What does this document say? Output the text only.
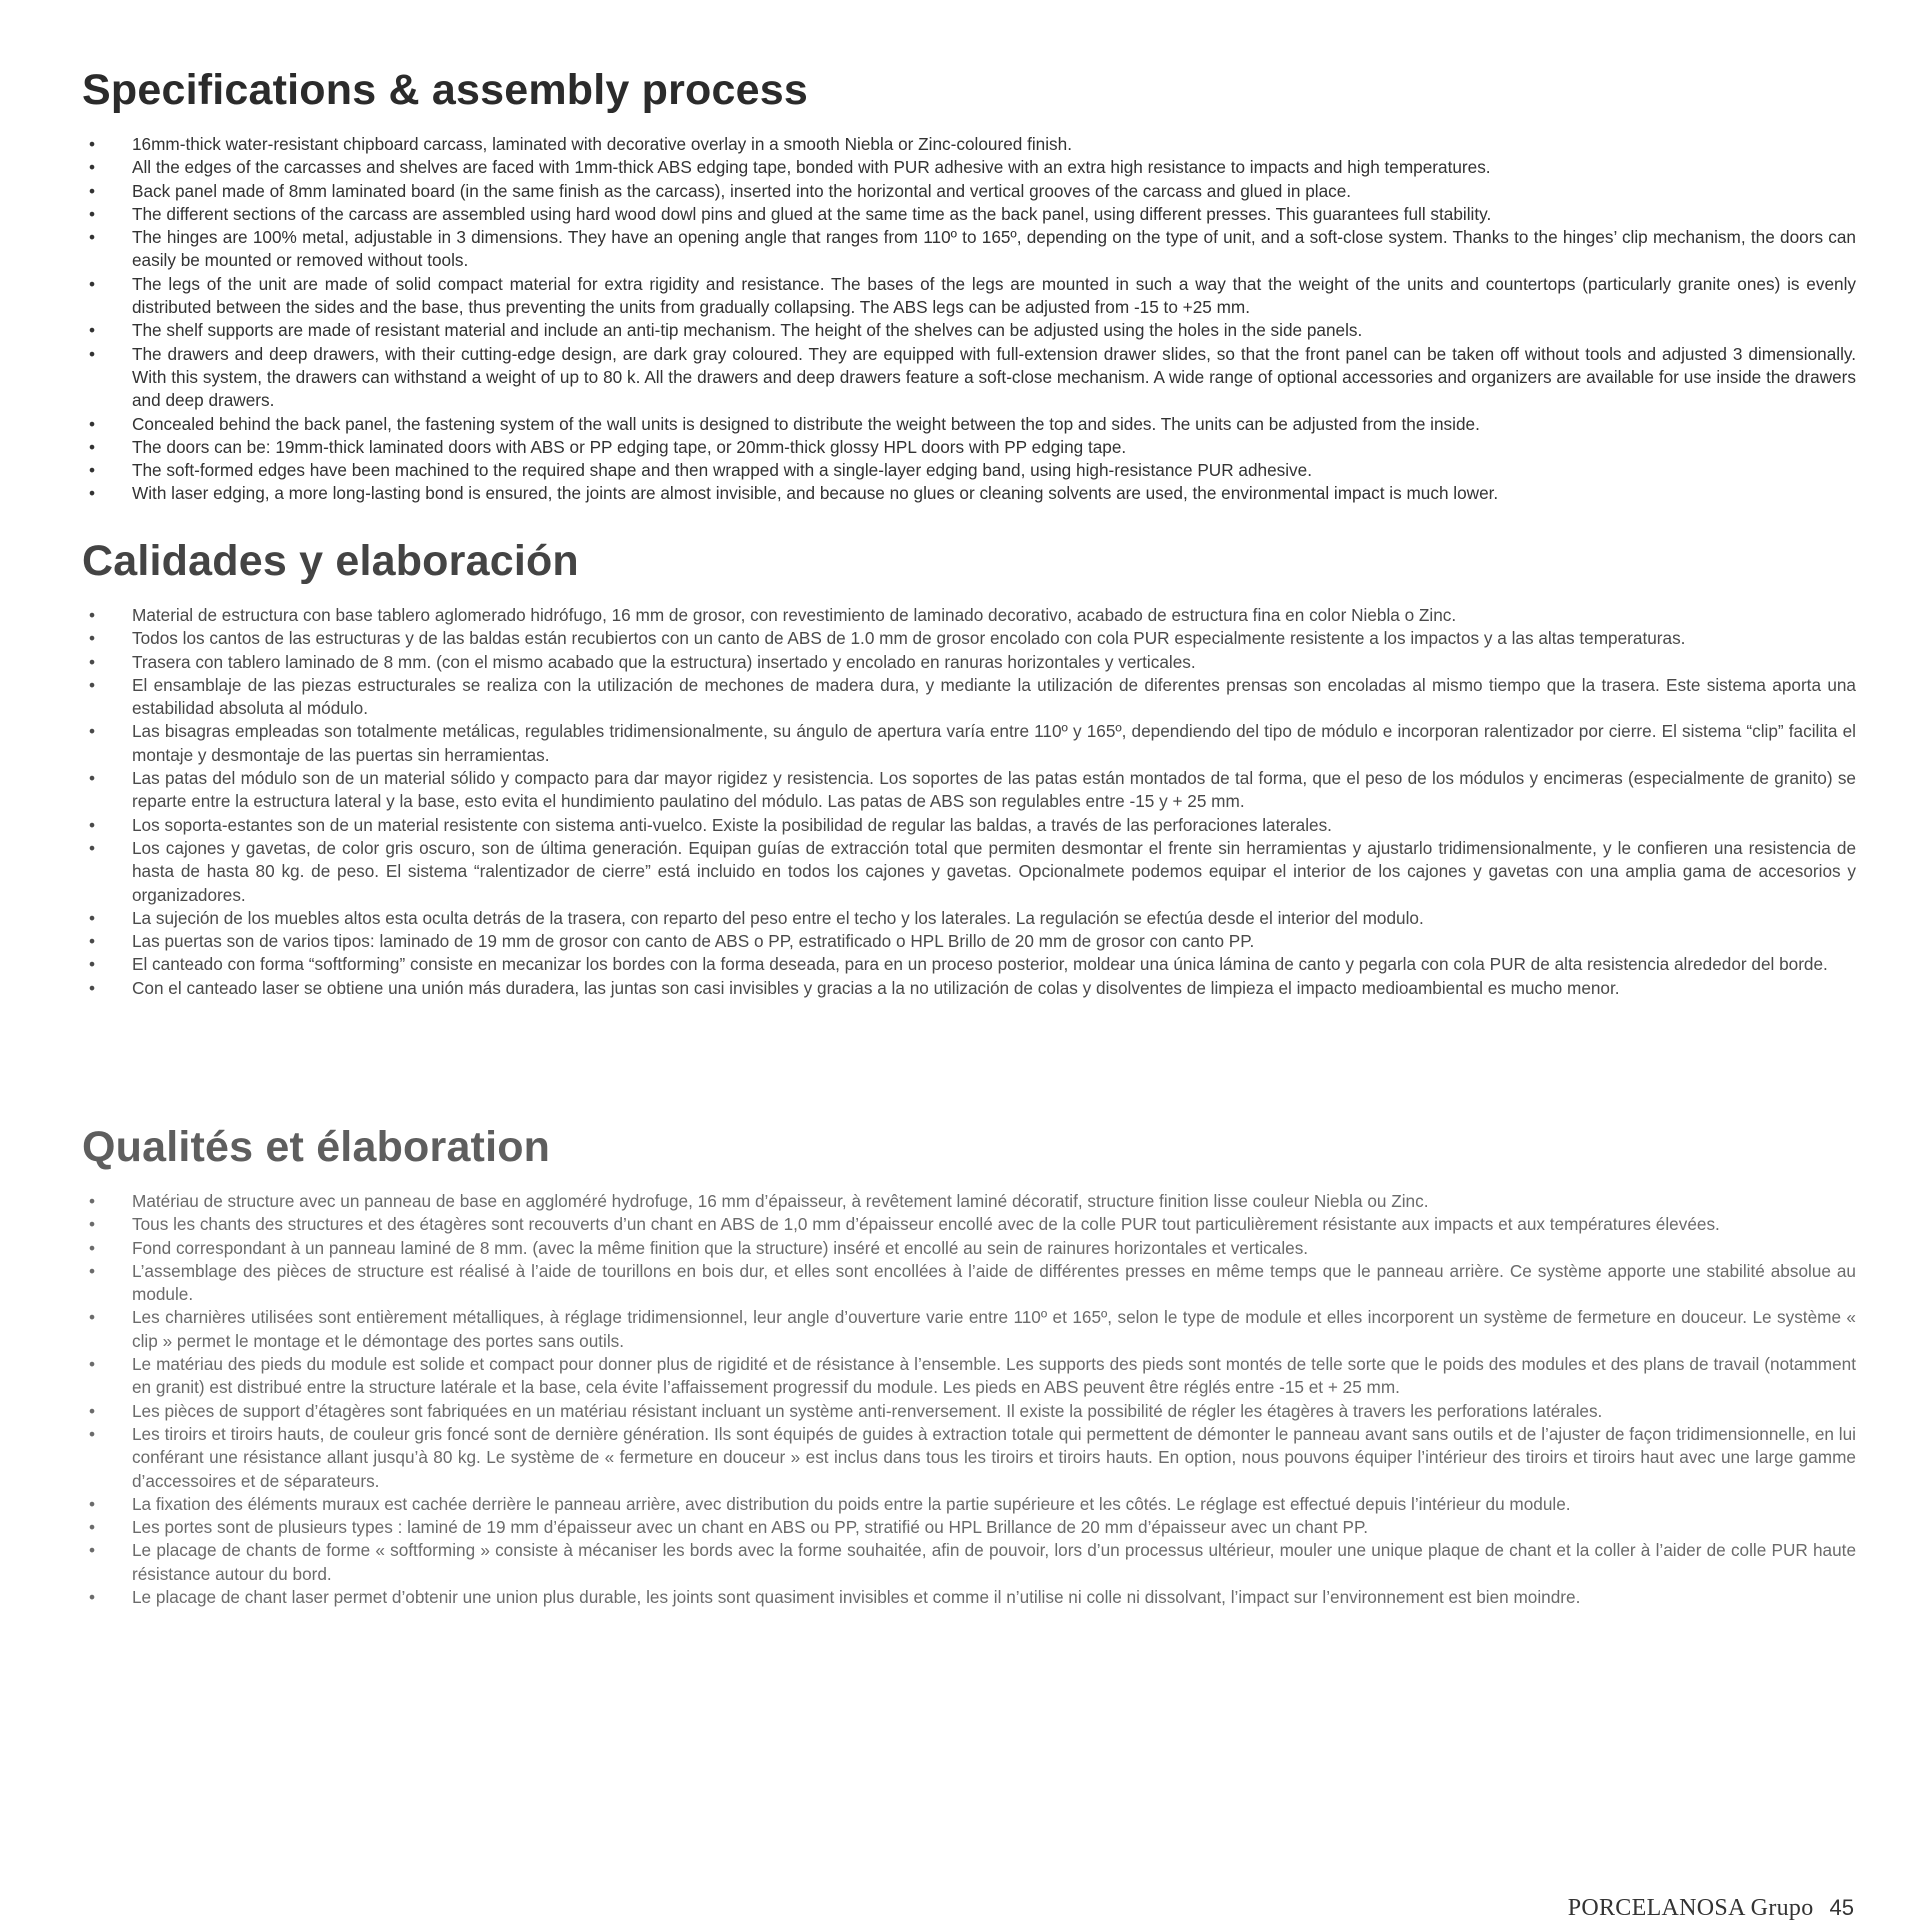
Specifications & assembly process
•	16mm-thick water-resistant chipboard carcass, laminated with decorative overlay in a smooth Niebla or Zinc-coloured finish.
•	All the edges of the carcasses and shelves are faced with 1mm-thick ABS edging tape, bonded with PUR adhesive with an extra high resistance to impacts and high temperatures.
•	Back panel made of 8mm laminated board (in the same finish as the carcass), inserted into the horizontal and vertical grooves of the carcass and glued in place.
•	The different sections of the carcass are assembled using hard wood dowl pins and glued at the same time as the back panel, using different presses. This guarantees full stability.
•	The hinges are 100% metal, adjustable in 3 dimensions. They have an opening angle that ranges from 110º to 165º, depending on the type of unit, and a soft-close system. Thanks to the hinges’ clip mechanism, the doors can easily be mounted or removed without tools.
•	The legs of the unit are made of solid compact material for extra rigidity and resistance. The bases of the legs are mounted in such a way that the weight of the units and countertops (particularly granite ones) is evenly distributed between the sides and the base, thus preventing the units from gradually collapsing. The ABS legs can be adjusted from -15 to +25 mm.
•	The shelf supports are made of resistant material and include an anti-tip mechanism. The height of the shelves can be adjusted using the holes in the side panels.
•	The drawers and deep drawers, with their cutting-edge design, are dark gray coloured. They are equipped with full-extension drawer slides, so that the front panel can be taken off without tools and adjusted 3 dimensionally. With this system, the drawers can withstand a weight of up to 80 k. All the drawers and deep drawers feature a soft-close mechanism. A wide range of optional accessories and organizers are available for use inside the drawers and deep drawers.
•	Concealed behind the back panel, the fastening system of the wall units is designed to distribute the weight between the top and sides. The units can be adjusted from the inside.
•	The doors can be: 19mm-thick laminated doors with ABS or PP edging tape, or 20mm-thick glossy HPL doors with PP edging tape.
•	The soft-formed edges have been machined to the required shape and then wrapped with a single-layer edging band, using high-resistance PUR adhesive.
•	With laser edging, a more long-lasting bond is ensured, the joints are almost invisible, and because no glues or cleaning solvents are used, the environmental impact is much lower.
Calidades y elaboración
•	Material de estructura con base tablero aglomerado hidrófugo, 16 mm de grosor, con revestimiento de laminado decorativo, acabado de estructura fina en color Niebla o Zinc.
•	Todos los cantos de las estructuras y de las baldas están recubiertos con un canto de ABS de 1.0 mm de grosor encolado con cola PUR especialmente resistente a los impactos y a las altas temperaturas.
•	Trasera con tablero laminado de 8 mm. (con el mismo acabado que la estructura) insertado y encolado en ranuras horizontales y verticales.
•	El ensamblaje de las piezas estructurales se realiza con la utilización de mechones de madera dura, y mediante la utilización de diferentes prensas son encoladas al mismo tiempo que la trasera. Este sistema aporta una estabilidad absoluta al módulo.
•	Las bisagras empleadas son totalmente metálicas, regulables tridimensionalmente, su ángulo de apertura varía entre 110º y 165º, dependiendo del tipo de módulo e incorporan ralentizador por cierre. El sistema “clip” facilita el montaje y desmontaje de las puertas sin herramientas.
•	Las patas del módulo son de un material sólido y compacto para dar mayor rigidez y resistencia. Los soportes de las patas están montados de tal forma, que el peso de los módulos y encimeras (especialmente de granito) se reparte entre la estructura lateral y la base, esto evita el hundimiento paulatino del módulo. Las patas de ABS son regulables entre -15 y + 25 mm.
•	Los soporta-estantes son de un material resistente con sistema anti-vuelco. Existe la posibilidad de regular las baldas, a través de las perforaciones laterales.
•	Los cajones y gavetas, de color gris oscuro, son de última generación. Equipan guías de extracción total que permiten desmontar el frente sin herramientas y ajustarlo tridimensionalmente, y le confieren una resistencia de hasta de hasta 80 kg. de peso. El sistema “ralentizador de cierre” está incluido en todos los cajones y gavetas. Opcionalmete podemos equipar el interior de los cajones y gavetas con una amplia gama de accesorios y organizadores.
•	La sujeción de los muebles altos esta oculta detrás de la trasera, con reparto del peso entre el techo y los laterales. La regulación se efectúa desde el interior del modulo.
•	Las puertas son de varios tipos: laminado de 19 mm de grosor con canto de ABS o PP, estratificado o HPL Brillo de 20 mm de grosor con canto PP.
•	El canteado con forma “softforming” consiste en mecanizar los bordes con la forma deseada, para en un proceso posterior, moldear una única lámina de canto y pegarla con cola PUR de alta resistencia alrededor del borde.
•	Con el canteado laser se obtiene una unión más duradera, las juntas son casi invisibles y gracias a la no utilización de colas y disolventes de limpieza el impacto medioambiental es mucho menor.
Qualités et élaboration
•	Matériau de structure avec un panneau de base en aggloméré hydrofuge, 16 mm d’épaisseur, à revêtement laminé décoratif, structure finition lisse couleur Niebla ou Zinc.
•	Tous les chants des structures et des étagères sont recouverts d’un chant en ABS de 1,0 mm d’épaisseur encollé avec de la colle PUR tout particulièrement résistante aux impacts et aux températures élevées.
•	Fond correspondant à un panneau laminé de 8 mm. (avec la même finition que la structure) inséré et encollé au sein de rainures horizontales et verticales.
•	L’assemblage des pièces de structure est réalisé à l’aide de tourillons en bois dur, et elles sont encollées à l’aide de différentes presses en même temps que le panneau arrière. Ce système apporte une stabilité absolue au module.
•	Les charnières utilisées sont entièrement métalliques, à réglage tridimensionnel, leur angle d’ouverture varie entre 110º et 165º, selon le type de module et elles incorporent un système de fermeture en douceur. Le système « clip » permet le montage et le démontage des portes sans outils.
•	Le matériau des pieds du module est solide et compact pour donner plus de rigidité et de résistance à l’ensemble. Les supports des pieds sont montés de telle sorte que le poids des modules et des plans de travail (notamment en granit) est distribué entre la structure latérale et la base, cela évite l’affaissement progressif du module. Les pieds en ABS peuvent être réglés entre -15 et + 25 mm.
•	Les pièces de support d’étagères sont fabriquées en un matériau résistant incluant un système anti-renversement. Il existe la possibilité de régler les étagères à travers les perforations latérales.
•	Les tiroirs et tiroirs hauts, de couleur gris foncé sont de dernière génération. Ils sont équipés de guides à extraction totale qui permettent de démonter le panneau avant sans outils et de l’ajuster de façon tridimensionnelle, en lui conférant une résistance allant jusqu’à 80 kg. Le système de « fermeture en douceur » est inclus dans tous les tiroirs et tiroirs hauts. En option, nous pouvons équiper l’intérieur des tiroirs et tiroirs haut avec une large gamme d’accessoires et de séparateurs.
•	La fixation des éléments muraux est cachée derrière le panneau arrière, avec distribution du poids entre la partie supérieure et les côtés. Le réglage est effectué depuis l’intérieur du module.
•	Les portes sont de plusieurs types : laminé de 19 mm d’épaisseur avec un chant en ABS ou PP, stratifié ou HPL Brillance de 20 mm d’épaisseur avec un chant PP.
•	Le placage de chants de forme « softforming » consiste à mécaniser les bords avec la forme souhaitée, afin de pouvoir, lors d’un processus ultérieur, mouler une unique plaque de chant et la coller à l’aider de colle PUR haute résistance autour du bord.
•	Le placage de chant laser permet d’obtenir une union plus durable, les joints sont quasiment invisibles et comme il n’utilise ni colle ni dissolvant, l’impact sur l’environnement est bien moindre.
PORCELANOSA Grupo 45
